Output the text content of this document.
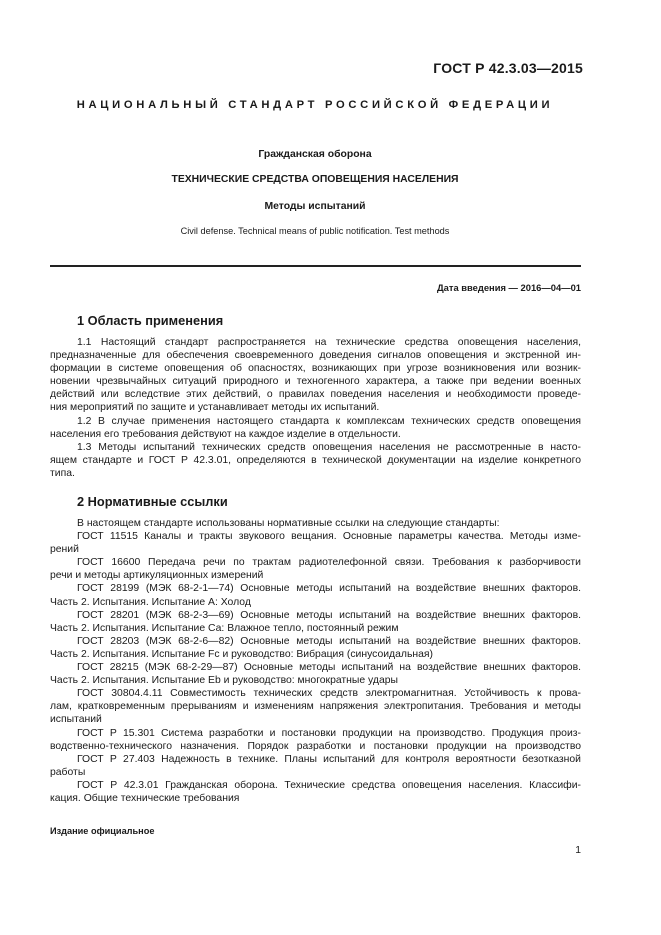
ГОСТ Р 42.3.03—2015
НАЦИОНАЛЬНЫЙ СТАНДАРТ РОССИЙСКОЙ ФЕДЕРАЦИИ
Гражданская оборона
ТЕХНИЧЕСКИЕ СРЕДСТВА ОПОВЕЩЕНИЯ НАСЕЛЕНИЯ
Методы испытаний
Civil defense. Technical means of public notification. Test methods
Дата введения — 2016—04—01
1 Область применения
1.1 Настоящий стандарт распространяется на технические средства оповещения населения,
предназначенные для обеспечения своевременного доведения сигналов оповещения и экстренной ин-
формации в системе оповещения об опасностях, возникающих при угрозе возникновения или возник-
новении чрезвычайных ситуаций природного и техногенного характера, а также при ведении военных
действий или вследствие этих действий, о правилах поведения населения и необходимости проведе-
ния мероприятий по защите и устанавливает методы их испытаний.
1.2 В случае применения настоящего стандарта к комплексам технических средств оповещения
населения его требования действуют на каждое изделие в отдельности.
1.3 Методы испытаний технических средств оповещения населения не рассмотренные в насто-
ящем стандарте и ГОСТ Р 42.3.01, определяются в технической документации на изделие конкретного
типа.
2 Нормативные ссылки
В настоящем стандарте использованы нормативные ссылки на следующие стандарты:
ГОСТ 11515 Каналы и тракты звукового вещания. Основные параметры качества. Методы изме-
рений
ГОСТ 16600 Передача речи по трактам радиотелефонной связи. Требования к разборчивости
речи и методы артикуляционных измерений
ГОСТ 28199 (МЭК 68-2-1—74) Основные методы испытаний на воздействие внешних факторов.
Часть 2. Испытания. Испытание А: Холод
ГОСТ 28201 (МЭК 68-2-3—69) Основные методы испытаний на воздействие внешних факторов.
Часть 2. Испытания. Испытание Са: Влажное тепло, постоянный режим
ГОСТ 28203 (МЭК 68-2-6—82) Основные методы испытаний на воздействие внешних факторов.
Часть 2. Испытания. Испытание Fc и руководство: Вибрация (синусоидальная)
ГОСТ 28215 (МЭК 68-2-29—87) Основные методы испытаний на воздействие внешних факторов.
Часть 2. Испытания. Испытание Eb и руководство: многократные удары
ГОСТ 30804.4.11 Совместимость технических средств электромагнитная. Устойчивость к прова-
лам, кратковременным прерываниям и изменениям напряжения электропитания. Требования и методы
испытаний
ГОСТ Р 15.301 Система разработки и постановки продукции на производство. Продукция произ-
водственно-технического назначения. Порядок разработки и постановки продукции на производство
ГОСТ Р 27.403 Надежность в технике. Планы испытаний для контроля вероятности безотказной
работы
ГОСТ Р 42.3.01 Гражданская оборона. Технические средства оповещения населения. Классифи-
кация. Общие технические требования
Издание официальное
1
